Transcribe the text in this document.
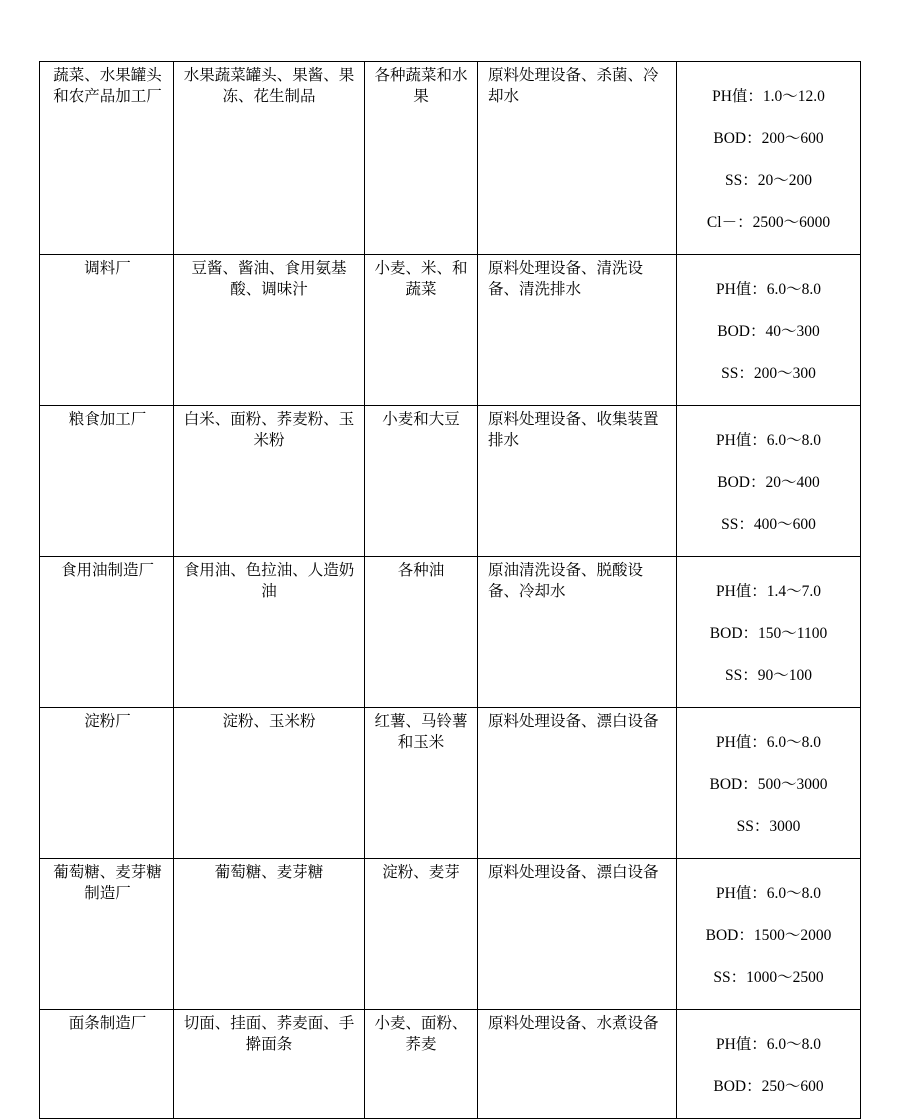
蔬菜、水果罐头和农产品加工厂	水果蔬菜罐头、果酱、果冻、花生制品	各种蔬菜和水果	原料处理设备、杀菌、冷却水	PH值：1.0～12.0

BOD：200～600

SS：20～200

Cl－：2500～6000

调料厂	豆酱、酱油、食用氨基酸、调味汁	小麦、米、和蔬菜	原料处理设备、清洗设备、清洗排水	PH值：6.0～8.0

BOD：40～300

SS：200～300

粮食加工厂	白米、面粉、荞麦粉、玉米粉	小麦和大豆	原料处理设备、收集装置排水	PH值：6.0～8.0

BOD：20～400

SS：400～600

食用油制造厂	食用油、色拉油、人造奶油	各种油	原油清洗设备、脱酸设备、冷却水	PH值：1.4～7.0

BOD：150～1100

SS：90～100

淀粉厂	淀粉、玉米粉	红薯、马铃薯和玉米	原料处理设备、漂白设备	PH值：6.0～8.0

BOD：500～3000

SS：3000

葡萄糖、麦芽糖制造厂	葡萄糖、麦芽糖	淀粉、麦芽	原料处理设备、漂白设备	PH值：6.0～8.0

BOD：1500～2000

SS：1000～2500

面条制造厂	切面、挂面、荞麦面、手擀面条	小麦、面粉、荞麦	原料处理设备、水煮设备	PH值：6.0～8.0

BOD：250～600
